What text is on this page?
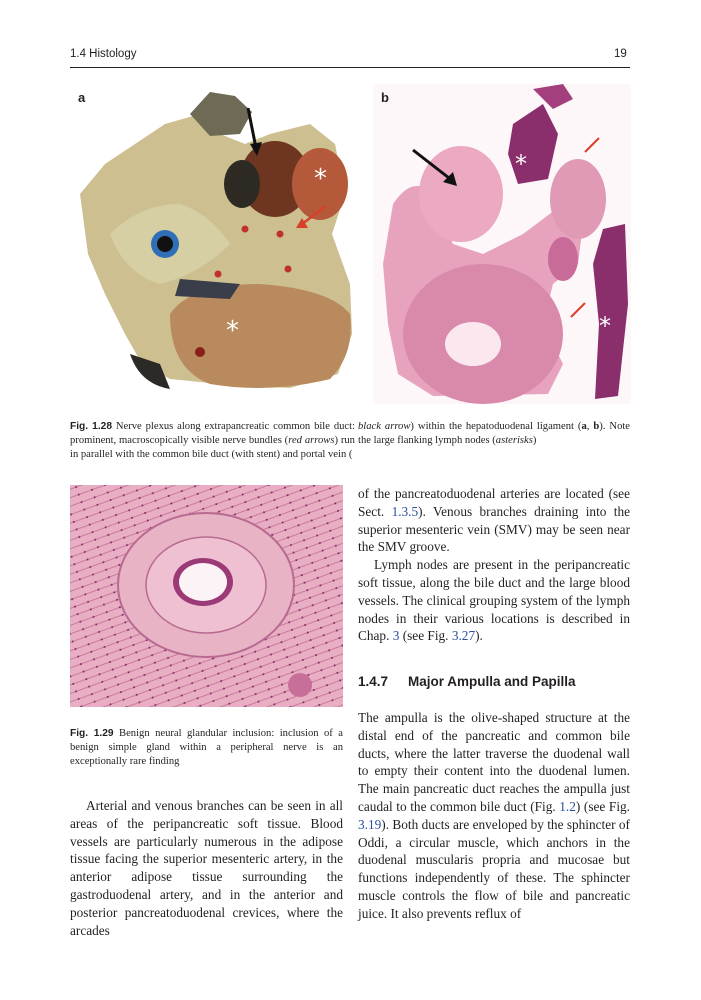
1.4 Histology	19
a
*
*
b
*
*
Fig. 1.28 Nerve plexus along extrapancreatic common bile duct: prominent, macroscopically visible nerve bundles (red arrows) run in parallel with the common bile duct (with stent) and portal vein (
black arrow) within the hepatoduodenal ligament (a, b). Note the large flanking lymph nodes (asterisks)
Fig. 1.29 Benign neural glandular inclusion: inclusion of a benign simple gland within a peripheral nerve is an exceptionally rare finding

Arterial and venous branches can be seen in all areas of the peripancreatic soft tissue. Blood vessels are particularly numerous in the adipose tissue facing the superior mesenteric artery, in the anterior adipose tissue surrounding the gastroduodenal artery, and in the anterior and posterior pancreatoduodenal crevices, where the arcades

of the pancreatoduodenal arteries are located (see Sect. 1.3.5). Venous branches draining into the superior mesenteric vein (SMV) may be seen near the SMV groove.

Lymph nodes are present in the peripancreatic soft tissue, along the bile duct and the large blood vessels. The clinical grouping system of the lymph nodes in their various locations is described in Chap. 3 (see Fig. 3.27).

1.4.7 Major Ampulla and Papilla

The ampulla is the olive-shaped structure at the distal end of the pancreatic and common bile ducts, where the latter traverse the duodenal wall to empty their content into the duodenal lumen. The main pancreatic duct reaches the ampulla just caudal to the common bile duct (Fig. 1.2) (see Fig. 3.19). Both ducts are enveloped by the sphincter of Oddi, a circular muscle, which anchors in the duodenal muscularis propria and mucosae but functions independently of these. The sphincter muscle controls the flow of bile and pancreatic juice. It also prevents reflux of
